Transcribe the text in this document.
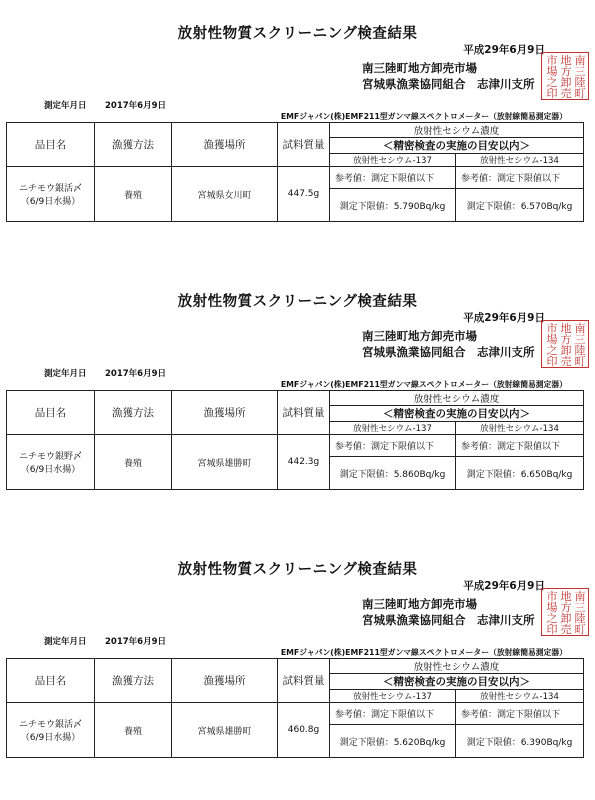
放射性物質スクリーニング検査結果
平成29年6月9日
南三陸町地方卸売市場
宮城県漁業協同組合　志津川支所
南
三
陸
町
地
方
卸
売
市
場
之
印
測定年月日 2017年6月9日
EMFジャパン(株)EMF211型ガンマ線スペクトロメーター（放射線簡易測定器）
品目名	漁獲方法	漁獲場所	試料質量	放射性セシウム濃度	
				＜精密検査の実施の目安以内＞	
				放射性セシウム-137	放射性セシウム-134
ニチモウ銀活〆
（6/9日水揚）	養殖	宮城県女川町	447.5g	参考値：測定下限値以下	参考値：測定下限値以下
				測定下限値：5.790Bq/kg	測定下限値：6.570Bq/kg
放射性物質スクリーニング検査結果
平成29年6月9日
南三陸町地方卸売市場
宮城県漁業協同組合　志津川支所
南
三
陸
町
地
方
卸
売
市
場
之
印
測定年月日 2017年6月9日
EMFジャパン(株)EMF211型ガンマ線スペクトロメーター（放射線簡易測定器）
品目名	漁獲方法	漁獲場所	試料質量	放射性セシウム濃度	
				＜精密検査の実施の目安以内＞	
				放射性セシウム-137	放射性セシウム-134
ニチモウ銀野〆
（6/9日水揚）	養殖	宮城県雄勝町	442.3g	参考値：測定下限値以下	参考値：測定下限値以下
				測定下限値：5.860Bq/kg	測定下限値：6.650Bq/kg
放射性物質スクリーニング検査結果
平成29年6月9日
南三陸町地方卸売市場
宮城県漁業協同組合　志津川支所
南
三
陸
町
地
方
卸
売
市
場
之
印
測定年月日 2017年6月9日
EMFジャパン(株)EMF211型ガンマ線スペクトロメーター（放射線簡易測定器）
品目名	漁獲方法	漁獲場所	試料質量	放射性セシウム濃度	
				＜精密検査の実施の目安以内＞	
				放射性セシウム-137	放射性セシウム-134
ニチモウ銀活〆
（6/9日水揚）	養殖	宮城県雄勝町	460.8g	参考値：測定下限値以下	参考値：測定下限値以下
				測定下限値：5.620Bq/kg	測定下限値：6.390Bq/kg
